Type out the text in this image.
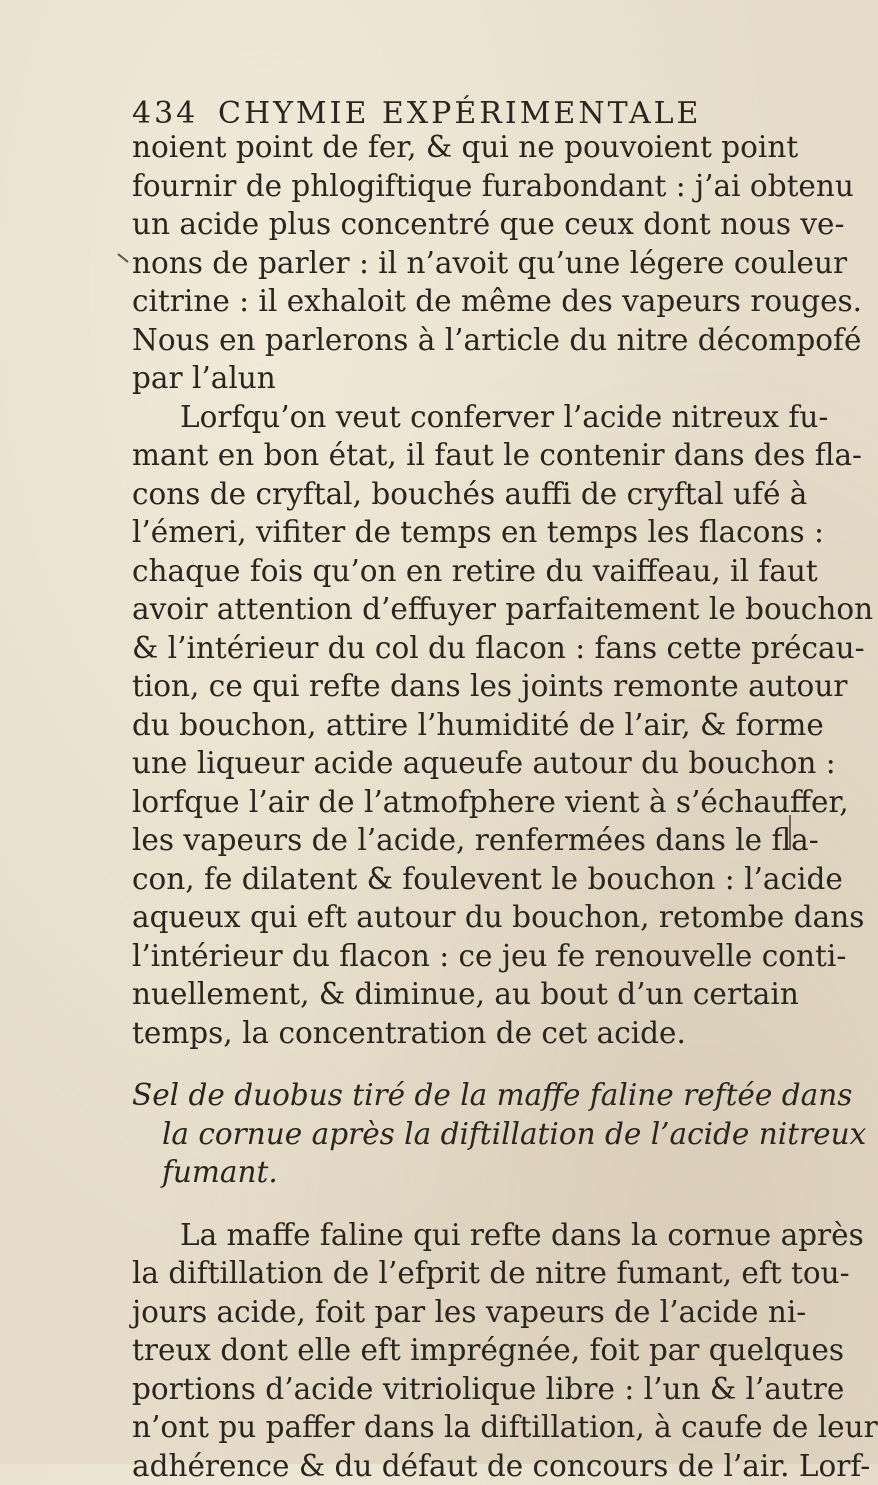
434 CHYMIE EXPÉRIMENTALE
noient point de fer, & qui ne pouvoient point
fournir de phlogiftique furabondant : j’ai obtenu
un acide plus concentré que ceux dont nous ve-
nons de parler : il n’avoit qu’une légere couleur
citrine : il exhaloit de même des vapeurs rouges.
Nous en parlerons à l’article du nitre décompofé
par l’alun
Lorfqu’on veut conferver l’acide nitreux fu-
mant en bon état, il faut le contenir dans des fla-
cons de cryftal, bouchés auffi de cryftal ufé à
l’émeri, vifiter de temps en temps les flacons :
chaque fois qu’on en retire du vaiffeau, il faut
avoir attention d’effuyer parfaitement le bouchon
& l’intérieur du col du flacon : fans cette précau-
tion, ce qui refte dans les joints remonte autour
du bouchon, attire l’humidité de l’air, & forme
une liqueur acide aqueufe autour du bouchon :
lorfque l’air de l’atmofphere vient à s’échauffer,
les vapeurs de l’acide, renfermées dans le fla-
con, fe dilatent & foulevent le bouchon : l’acide
aqueux qui eft autour du bouchon, retombe dans
l’intérieur du flacon : ce jeu fe renouvelle conti-
nuellement, & diminue, au bout d’un certain
temps, la concentration de cet acide.
Sel de duobus tiré de la maffe faline reftée dans
la cornue après la diftillation de l’acide nitreux
fumant.
La maffe faline qui refte dans la cornue après
la diftillation de l’efprit de nitre fumant, eft tou-
jours acide, foit par les vapeurs de l’acide ni-
treux dont elle eft imprégnée, foit par quelques
portions d’acide vitriolique libre : l’un & l’autre
n’ont pu paffer dans la diftillation, à caufe de leur
adhérence & du défaut de concours de l’air. Lorf-
